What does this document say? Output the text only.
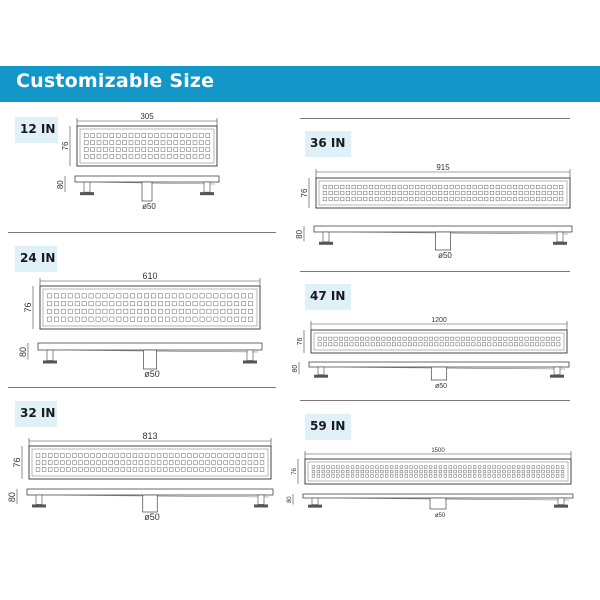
Customizable Size
12 IN
24 IN
32 IN
36 IN
47 IN
59 IN
305
76
ø50
80
610
76
ø50
80
813
76
ø50
80
915
76
ø50
80
1200
76
ø50
80
1500
76
ø50
80
